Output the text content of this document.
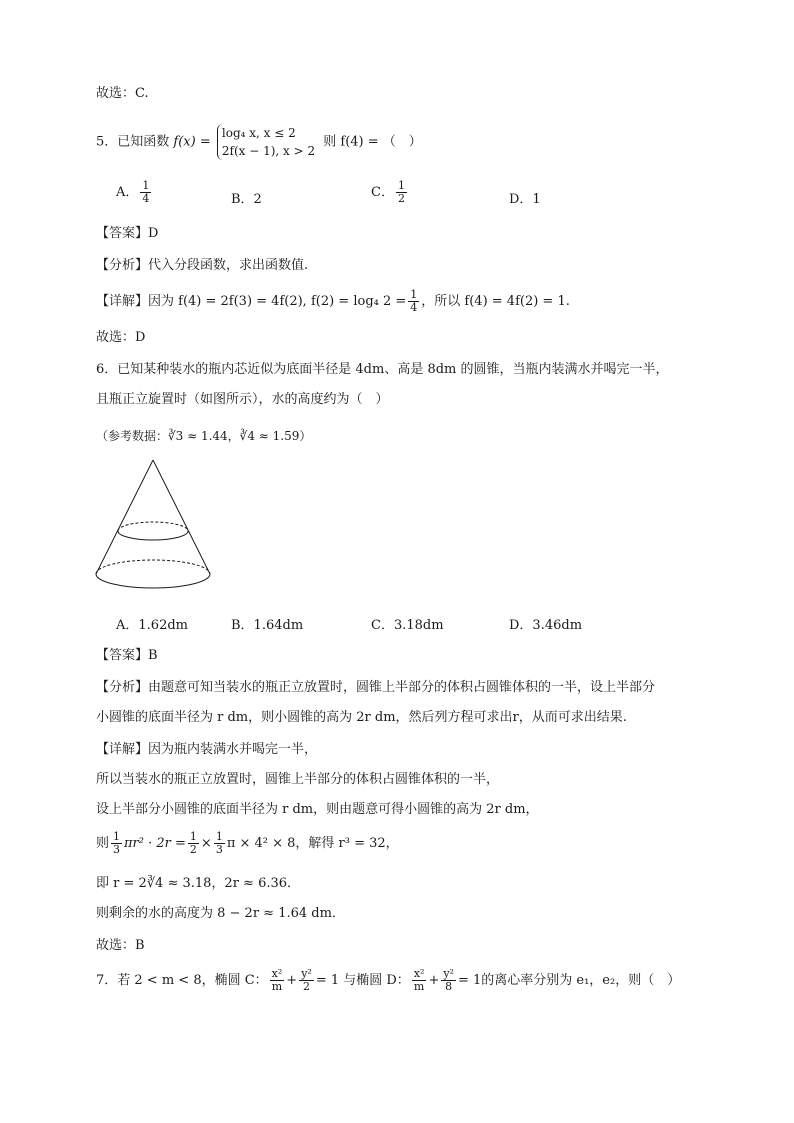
故选：C.
5．已知函数 f(x) =
log₄ x, x ≤ 2
2f(x − 1), x > 2
则 f(4) = （　）
A． $\frac{1}{4}$	B．2	C． $\frac{1}{2}$	D．1
【答案】D
【分析】代入分段函数，求出函数值.
【详解】因为 f(4) = 2f(3) = 4f(2), f(2) = log₄ $2 = \frac{1}{4}$ ，所以 f(4) = 4f(2) = 1.
故选：D
6．已知某种装水的瓶内芯近似为底面半径是 4dm、高是 8dm 的圆锥，当瓶内装满水并喝完一半，
且瓶正立旋置时（如图所示），水的高度约为（　）
（参考数据：∛3 ≈ 1.44，∛4 ≈ 1.59）
A．1.62dm	B．1.64dm	C．3.18dm	D．3.46dm
【答案】B
【分析】由题意可知当装水的瓶正立放置时，圆锥上半部分的体积占圆锥体积的一半，设上半部分
小圆锥的底面半径为 r dm，则小圆锥的高为 2r dm，然后列方程可求出r，从而可求出结果.
【详解】因为瓶内装满水并喝完一半，
所以当装水的瓶正立放置时，圆锥上半部分的体积占圆锥体积的一半，
设上半部分小圆锥的底面半径为 r dm，则由题意可得小圆锥的高为 2r dm，
则 $\frac{1}{3} \pi r^2 \cdot 2r = \frac{1}{2} \times \frac{1}{3}$ π × 4² × 8，解得 r³ = 32，
即 r = 2∛4 ≈ 3.18，2r ≈ 6.36．
则剩余的水的高度为 8 − 2r ≈ 1.64 dm．
故选：B
7．若 2 < m < 8，椭圆 C： $\frac{\text{x²}}{m} + \frac{\text{y²}}{2} = 1$ 与椭圆 D： $\frac{\text{x²}}{m} + \frac{\text{y²}}{8} = 1$的离心率分别为 e₁，e₂，则（　）
